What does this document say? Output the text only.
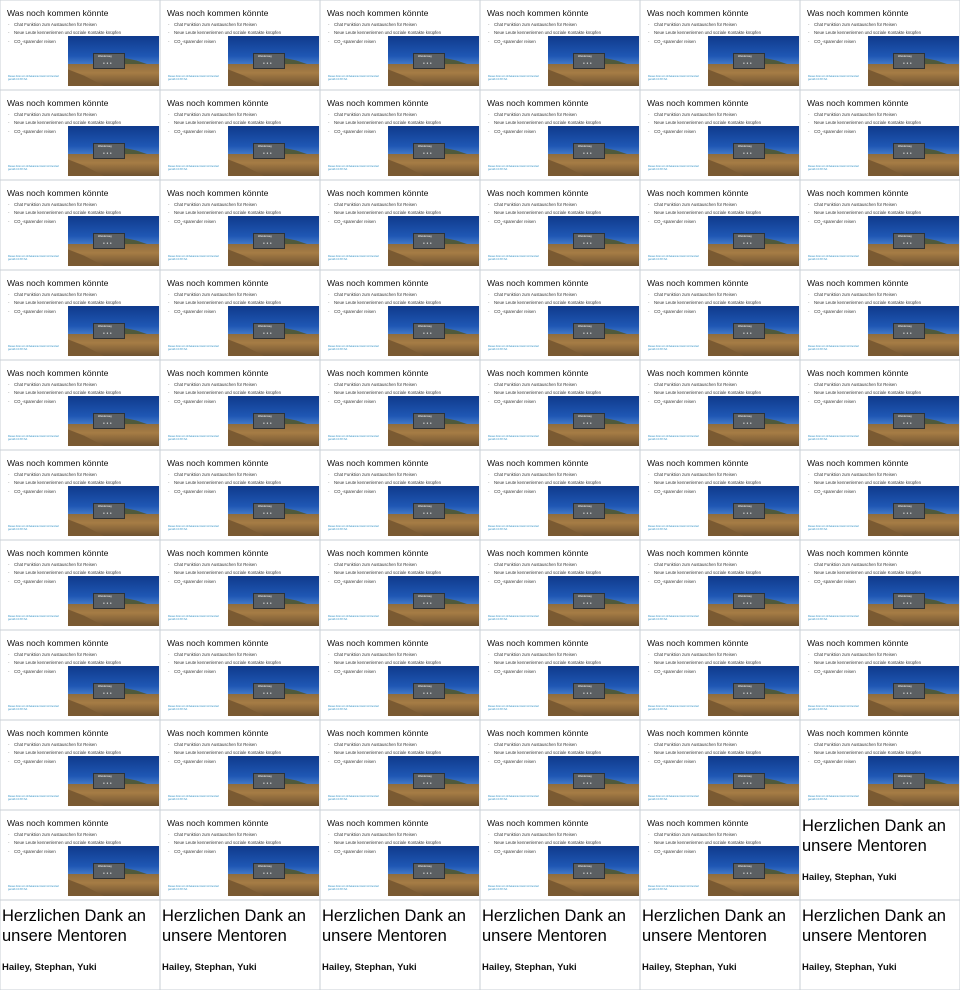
Was noch kommen könnte
- Chat Funktion zum Austauschen für Reisen
- Neue Leute kennenlernen und soziale Kontakte knüpfen
- $CO_2$-sparender reisen
Wanderweg
● ● ●
Dieses Foto von Unbekannter Autor ist lizenziert gemäß CC BY-SA
Was noch kommen könnte
- Chat Funktion zum Austauschen für Reisen
- Neue Leute kennenlernen und soziale Kontakte knüpfen
- $CO_2$-sparender reisen
Wanderweg
● ● ●
Dieses Foto von Unbekannter Autor ist lizenziert gemäß CC BY-SA
Was noch kommen könnte
- Chat Funktion zum Austauschen für Reisen
- Neue Leute kennenlernen und soziale Kontakte knüpfen
- $CO_2$-sparender reisen
Wanderweg
● ● ●
Dieses Foto von Unbekannter Autor ist lizenziert gemäß CC BY-SA
Was noch kommen könnte
- Chat Funktion zum Austauschen für Reisen
- Neue Leute kennenlernen und soziale Kontakte knüpfen
- $CO_2$-sparender reisen
Wanderweg
● ● ●
Dieses Foto von Unbekannter Autor ist lizenziert gemäß CC BY-SA
Was noch kommen könnte
- Chat Funktion zum Austauschen für Reisen
- Neue Leute kennenlernen und soziale Kontakte knüpfen
- $CO_2$-sparender reisen
Wanderweg
● ● ●
Dieses Foto von Unbekannter Autor ist lizenziert gemäß CC BY-SA
Was noch kommen könnte
- Chat Funktion zum Austauschen für Reisen
- Neue Leute kennenlernen und soziale Kontakte knüpfen
- $CO_2$-sparender reisen
Wanderweg
● ● ●
Dieses Foto von Unbekannter Autor ist lizenziert gemäß CC BY-SA
Was noch kommen könnte
- Chat Funktion zum Austauschen für Reisen
- Neue Leute kennenlernen und soziale Kontakte knüpfen
- $CO_2$-sparender reisen
Wanderweg
● ● ●
Dieses Foto von Unbekannter Autor ist lizenziert gemäß CC BY-SA
Was noch kommen könnte
- Chat Funktion zum Austauschen für Reisen
- Neue Leute kennenlernen und soziale Kontakte knüpfen
- $CO_2$-sparender reisen
Wanderweg
● ● ●
Dieses Foto von Unbekannter Autor ist lizenziert gemäß CC BY-SA
Was noch kommen könnte
- Chat Funktion zum Austauschen für Reisen
- Neue Leute kennenlernen und soziale Kontakte knüpfen
- $CO_2$-sparender reisen
Wanderweg
● ● ●
Dieses Foto von Unbekannter Autor ist lizenziert gemäß CC BY-SA
Was noch kommen könnte
- Chat Funktion zum Austauschen für Reisen
- Neue Leute kennenlernen und soziale Kontakte knüpfen
- $CO_2$-sparender reisen
Wanderweg
● ● ●
Dieses Foto von Unbekannter Autor ist lizenziert gemäß CC BY-SA
Was noch kommen könnte
- Chat Funktion zum Austauschen für Reisen
- Neue Leute kennenlernen und soziale Kontakte knüpfen
- $CO_2$-sparender reisen
Wanderweg
● ● ●
Dieses Foto von Unbekannter Autor ist lizenziert gemäß CC BY-SA
Was noch kommen könnte
- Chat Funktion zum Austauschen für Reisen
- Neue Leute kennenlernen und soziale Kontakte knüpfen
- $CO_2$-sparender reisen
Wanderweg
● ● ●
Dieses Foto von Unbekannter Autor ist lizenziert gemäß CC BY-SA
Was noch kommen könnte
- Chat Funktion zum Austauschen für Reisen
- Neue Leute kennenlernen und soziale Kontakte knüpfen
- $CO_2$-sparender reisen
Wanderweg
● ● ●
Dieses Foto von Unbekannter Autor ist lizenziert gemäß CC BY-SA
Was noch kommen könnte
- Chat Funktion zum Austauschen für Reisen
- Neue Leute kennenlernen und soziale Kontakte knüpfen
- $CO_2$-sparender reisen
Wanderweg
● ● ●
Dieses Foto von Unbekannter Autor ist lizenziert gemäß CC BY-SA
Was noch kommen könnte
- Chat Funktion zum Austauschen für Reisen
- Neue Leute kennenlernen und soziale Kontakte knüpfen
- $CO_2$-sparender reisen
Wanderweg
● ● ●
Dieses Foto von Unbekannter Autor ist lizenziert gemäß CC BY-SA
Was noch kommen könnte
- Chat Funktion zum Austauschen für Reisen
- Neue Leute kennenlernen und soziale Kontakte knüpfen
- $CO_2$-sparender reisen
Wanderweg
● ● ●
Dieses Foto von Unbekannter Autor ist lizenziert gemäß CC BY-SA
Was noch kommen könnte
- Chat Funktion zum Austauschen für Reisen
- Neue Leute kennenlernen und soziale Kontakte knüpfen
- $CO_2$-sparender reisen
Wanderweg
● ● ●
Dieses Foto von Unbekannter Autor ist lizenziert gemäß CC BY-SA
Was noch kommen könnte
- Chat Funktion zum Austauschen für Reisen
- Neue Leute kennenlernen und soziale Kontakte knüpfen
- $CO_2$-sparender reisen
Wanderweg
● ● ●
Dieses Foto von Unbekannter Autor ist lizenziert gemäß CC BY-SA
Was noch kommen könnte
- Chat Funktion zum Austauschen für Reisen
- Neue Leute kennenlernen und soziale Kontakte knüpfen
- $CO_2$-sparender reisen
Wanderweg
● ● ●
Dieses Foto von Unbekannter Autor ist lizenziert gemäß CC BY-SA
Was noch kommen könnte
- Chat Funktion zum Austauschen für Reisen
- Neue Leute kennenlernen und soziale Kontakte knüpfen
- $CO_2$-sparender reisen
Wanderweg
● ● ●
Dieses Foto von Unbekannter Autor ist lizenziert gemäß CC BY-SA
Was noch kommen könnte
- Chat Funktion zum Austauschen für Reisen
- Neue Leute kennenlernen und soziale Kontakte knüpfen
- $CO_2$-sparender reisen
Wanderweg
● ● ●
Dieses Foto von Unbekannter Autor ist lizenziert gemäß CC BY-SA
Was noch kommen könnte
- Chat Funktion zum Austauschen für Reisen
- Neue Leute kennenlernen und soziale Kontakte knüpfen
- $CO_2$-sparender reisen
Wanderweg
● ● ●
Dieses Foto von Unbekannter Autor ist lizenziert gemäß CC BY-SA
Was noch kommen könnte
- Chat Funktion zum Austauschen für Reisen
- Neue Leute kennenlernen und soziale Kontakte knüpfen
- $CO_2$-sparender reisen
Wanderweg
● ● ●
Dieses Foto von Unbekannter Autor ist lizenziert gemäß CC BY-SA
Was noch kommen könnte
- Chat Funktion zum Austauschen für Reisen
- Neue Leute kennenlernen und soziale Kontakte knüpfen
- $CO_2$-sparender reisen
Wanderweg
● ● ●
Dieses Foto von Unbekannter Autor ist lizenziert gemäß CC BY-SA
Was noch kommen könnte
- Chat Funktion zum Austauschen für Reisen
- Neue Leute kennenlernen und soziale Kontakte knüpfen
- $CO_2$-sparender reisen
Wanderweg
● ● ●
Dieses Foto von Unbekannter Autor ist lizenziert gemäß CC BY-SA
Was noch kommen könnte
- Chat Funktion zum Austauschen für Reisen
- Neue Leute kennenlernen und soziale Kontakte knüpfen
- $CO_2$-sparender reisen
Wanderweg
● ● ●
Dieses Foto von Unbekannter Autor ist lizenziert gemäß CC BY-SA
Was noch kommen könnte
- Chat Funktion zum Austauschen für Reisen
- Neue Leute kennenlernen und soziale Kontakte knüpfen
- $CO_2$-sparender reisen
Wanderweg
● ● ●
Dieses Foto von Unbekannter Autor ist lizenziert gemäß CC BY-SA
Was noch kommen könnte
- Chat Funktion zum Austauschen für Reisen
- Neue Leute kennenlernen und soziale Kontakte knüpfen
- $CO_2$-sparender reisen
Wanderweg
● ● ●
Dieses Foto von Unbekannter Autor ist lizenziert gemäß CC BY-SA
Was noch kommen könnte
- Chat Funktion zum Austauschen für Reisen
- Neue Leute kennenlernen und soziale Kontakte knüpfen
- $CO_2$-sparender reisen
Wanderweg
● ● ●
Dieses Foto von Unbekannter Autor ist lizenziert gemäß CC BY-SA
Was noch kommen könnte
- Chat Funktion zum Austauschen für Reisen
- Neue Leute kennenlernen und soziale Kontakte knüpfen
- $CO_2$-sparender reisen
Wanderweg
● ● ●
Dieses Foto von Unbekannter Autor ist lizenziert gemäß CC BY-SA
Was noch kommen könnte
- Chat Funktion zum Austauschen für Reisen
- Neue Leute kennenlernen und soziale Kontakte knüpfen
- $CO_2$-sparender reisen
Wanderweg
● ● ●
Dieses Foto von Unbekannter Autor ist lizenziert gemäß CC BY-SA
Was noch kommen könnte
- Chat Funktion zum Austauschen für Reisen
- Neue Leute kennenlernen und soziale Kontakte knüpfen
- $CO_2$-sparender reisen
Wanderweg
● ● ●
Dieses Foto von Unbekannter Autor ist lizenziert gemäß CC BY-SA
Was noch kommen könnte
- Chat Funktion zum Austauschen für Reisen
- Neue Leute kennenlernen und soziale Kontakte knüpfen
- $CO_2$-sparender reisen
Wanderweg
● ● ●
Dieses Foto von Unbekannter Autor ist lizenziert gemäß CC BY-SA
Was noch kommen könnte
- Chat Funktion zum Austauschen für Reisen
- Neue Leute kennenlernen und soziale Kontakte knüpfen
- $CO_2$-sparender reisen
Wanderweg
● ● ●
Dieses Foto von Unbekannter Autor ist lizenziert gemäß CC BY-SA
Was noch kommen könnte
- Chat Funktion zum Austauschen für Reisen
- Neue Leute kennenlernen und soziale Kontakte knüpfen
- $CO_2$-sparender reisen
Wanderweg
● ● ●
Dieses Foto von Unbekannter Autor ist lizenziert gemäß CC BY-SA
Was noch kommen könnte
- Chat Funktion zum Austauschen für Reisen
- Neue Leute kennenlernen und soziale Kontakte knüpfen
- $CO_2$-sparender reisen
Wanderweg
● ● ●
Dieses Foto von Unbekannter Autor ist lizenziert gemäß CC BY-SA
Was noch kommen könnte
- Chat Funktion zum Austauschen für Reisen
- Neue Leute kennenlernen und soziale Kontakte knüpfen
- $CO_2$-sparender reisen
Wanderweg
● ● ●
Dieses Foto von Unbekannter Autor ist lizenziert gemäß CC BY-SA
Was noch kommen könnte
- Chat Funktion zum Austauschen für Reisen
- Neue Leute kennenlernen und soziale Kontakte knüpfen
- $CO_2$-sparender reisen
Wanderweg
● ● ●
Dieses Foto von Unbekannter Autor ist lizenziert gemäß CC BY-SA
Was noch kommen könnte
- Chat Funktion zum Austauschen für Reisen
- Neue Leute kennenlernen und soziale Kontakte knüpfen
- $CO_2$-sparender reisen
Wanderweg
● ● ●
Dieses Foto von Unbekannter Autor ist lizenziert gemäß CC BY-SA
Was noch kommen könnte
- Chat Funktion zum Austauschen für Reisen
- Neue Leute kennenlernen und soziale Kontakte knüpfen
- $CO_2$-sparender reisen
Wanderweg
● ● ●
Dieses Foto von Unbekannter Autor ist lizenziert gemäß CC BY-SA
Was noch kommen könnte
- Chat Funktion zum Austauschen für Reisen
- Neue Leute kennenlernen und soziale Kontakte knüpfen
- $CO_2$-sparender reisen
Wanderweg
● ● ●
Dieses Foto von Unbekannter Autor ist lizenziert gemäß CC BY-SA
Was noch kommen könnte
- Chat Funktion zum Austauschen für Reisen
- Neue Leute kennenlernen und soziale Kontakte knüpfen
- $CO_2$-sparender reisen
Wanderweg
● ● ●
Dieses Foto von Unbekannter Autor ist lizenziert gemäß CC BY-SA
Was noch kommen könnte
- Chat Funktion zum Austauschen für Reisen
- Neue Leute kennenlernen und soziale Kontakte knüpfen
- $CO_2$-sparender reisen
Wanderweg
● ● ●
Dieses Foto von Unbekannter Autor ist lizenziert gemäß CC BY-SA
Was noch kommen könnte
- Chat Funktion zum Austauschen für Reisen
- Neue Leute kennenlernen und soziale Kontakte knüpfen
- $CO_2$-sparender reisen
Wanderweg
● ● ●
Dieses Foto von Unbekannter Autor ist lizenziert gemäß CC BY-SA
Was noch kommen könnte
- Chat Funktion zum Austauschen für Reisen
- Neue Leute kennenlernen und soziale Kontakte knüpfen
- $CO_2$-sparender reisen
Wanderweg
● ● ●
Dieses Foto von Unbekannter Autor ist lizenziert gemäß CC BY-SA
Was noch kommen könnte
- Chat Funktion zum Austauschen für Reisen
- Neue Leute kennenlernen und soziale Kontakte knüpfen
- $CO_2$-sparender reisen
Wanderweg
● ● ●
Dieses Foto von Unbekannter Autor ist lizenziert gemäß CC BY-SA
Was noch kommen könnte
- Chat Funktion zum Austauschen für Reisen
- Neue Leute kennenlernen und soziale Kontakte knüpfen
- $CO_2$-sparender reisen
Wanderweg
● ● ●
Dieses Foto von Unbekannter Autor ist lizenziert gemäß CC BY-SA
Was noch kommen könnte
- Chat Funktion zum Austauschen für Reisen
- Neue Leute kennenlernen und soziale Kontakte knüpfen
- $CO_2$-sparender reisen
Wanderweg
● ● ●
Dieses Foto von Unbekannter Autor ist lizenziert gemäß CC BY-SA
Was noch kommen könnte
- Chat Funktion zum Austauschen für Reisen
- Neue Leute kennenlernen und soziale Kontakte knüpfen
- $CO_2$-sparender reisen
Wanderweg
● ● ●
Dieses Foto von Unbekannter Autor ist lizenziert gemäß CC BY-SA
Was noch kommen könnte
- Chat Funktion zum Austauschen für Reisen
- Neue Leute kennenlernen und soziale Kontakte knüpfen
- $CO_2$-sparender reisen
Wanderweg
● ● ●
Dieses Foto von Unbekannter Autor ist lizenziert gemäß CC BY-SA
Was noch kommen könnte
- Chat Funktion zum Austauschen für Reisen
- Neue Leute kennenlernen und soziale Kontakte knüpfen
- $CO_2$-sparender reisen
Wanderweg
● ● ●
Dieses Foto von Unbekannter Autor ist lizenziert gemäß CC BY-SA
Was noch kommen könnte
- Chat Funktion zum Austauschen für Reisen
- Neue Leute kennenlernen und soziale Kontakte knüpfen
- $CO_2$-sparender reisen
Wanderweg
● ● ●
Dieses Foto von Unbekannter Autor ist lizenziert gemäß CC BY-SA
Was noch kommen könnte
- Chat Funktion zum Austauschen für Reisen
- Neue Leute kennenlernen und soziale Kontakte knüpfen
- $CO_2$-sparender reisen
Wanderweg
● ● ●
Dieses Foto von Unbekannter Autor ist lizenziert gemäß CC BY-SA
Was noch kommen könnte
- Chat Funktion zum Austauschen für Reisen
- Neue Leute kennenlernen und soziale Kontakte knüpfen
- $CO_2$-sparender reisen
Wanderweg
● ● ●
Dieses Foto von Unbekannter Autor ist lizenziert gemäß CC BY-SA
Was noch kommen könnte
- Chat Funktion zum Austauschen für Reisen
- Neue Leute kennenlernen und soziale Kontakte knüpfen
- $CO_2$-sparender reisen
Wanderweg
● ● ●
Dieses Foto von Unbekannter Autor ist lizenziert gemäß CC BY-SA
Was noch kommen könnte
- Chat Funktion zum Austauschen für Reisen
- Neue Leute kennenlernen und soziale Kontakte knüpfen
- $CO_2$-sparender reisen
Wanderweg
● ● ●
Dieses Foto von Unbekannter Autor ist lizenziert gemäß CC BY-SA
Was noch kommen könnte
- Chat Funktion zum Austauschen für Reisen
- Neue Leute kennenlernen und soziale Kontakte knüpfen
- $CO_2$-sparender reisen
Wanderweg
● ● ●
Dieses Foto von Unbekannter Autor ist lizenziert gemäß CC BY-SA
Was noch kommen könnte
- Chat Funktion zum Austauschen für Reisen
- Neue Leute kennenlernen und soziale Kontakte knüpfen
- $CO_2$-sparender reisen
Wanderweg
● ● ●
Dieses Foto von Unbekannter Autor ist lizenziert gemäß CC BY-SA
Was noch kommen könnte
- Chat Funktion zum Austauschen für Reisen
- Neue Leute kennenlernen und soziale Kontakte knüpfen
- $CO_2$-sparender reisen
Wanderweg
● ● ●
Dieses Foto von Unbekannter Autor ist lizenziert gemäß CC BY-SA
Herzlichen Dank an unsere Mentoren
Hailey, Stephan, Yuki
Herzlichen Dank an unsere Mentoren
Hailey, Stephan, Yuki
Herzlichen Dank an unsere Mentoren
Hailey, Stephan, Yuki
Herzlichen Dank an unsere Mentoren
Hailey, Stephan, Yuki
Herzlichen Dank an unsere Mentoren
Hailey, Stephan, Yuki
Herzlichen Dank an unsere Mentoren
Hailey, Stephan, Yuki
Herzlichen Dank an unsere Mentoren
Hailey, Stephan, Yuki
